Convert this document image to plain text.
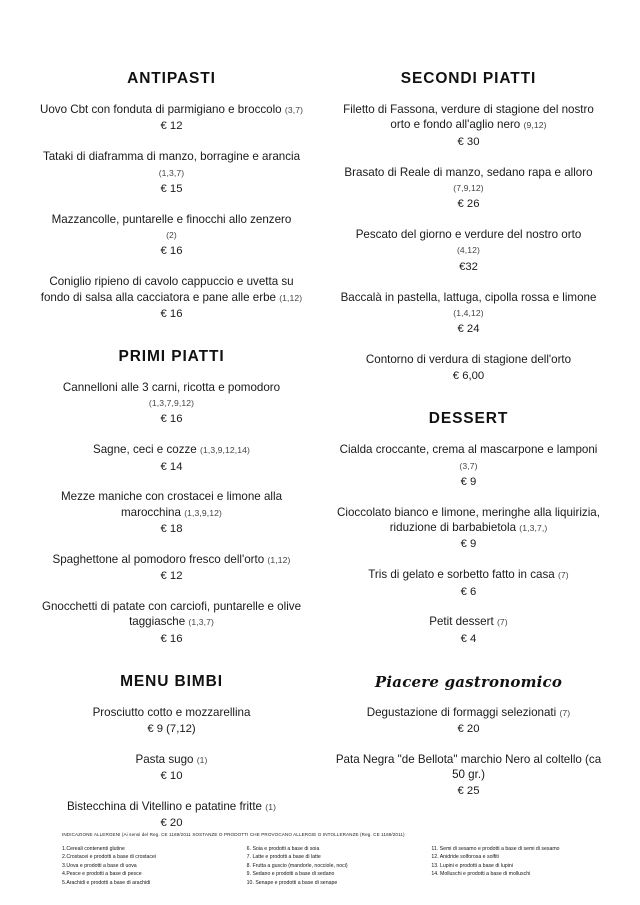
ANTIPASTI
Uovo Cbt con fonduta di parmigiano e broccolo (3,7)
€ 12
Tataki di diaframma di manzo, borragine e arancia (1,3,7)
€ 15
Mazzancolle, puntarelle e finocchi allo zenzero
(2)
€ 16
Coniglio ripieno di cavolo cappuccio e uvetta su fondo di salsa alla cacciatora e pane alle erbe (1,12)
€ 16
PRIMI PIATTI
Cannelloni alle 3 carni, ricotta e pomodoro
(1,3,7,9,12)
€ 16
Sagne, ceci e cozze (1,3,9,12,14)
€ 14
Mezze maniche con crostacei e limone alla marocchina (1,3,9,12)
€ 18
Spaghettone al pomodoro fresco dell'orto (1,12)
€ 12
Gnocchetti di patate con carciofi, puntarelle e olive taggiasche (1,3,7)
€ 16
MENU BIMBI
Prosciutto cotto e mozzarellina
€ 9 (7,12)
Pasta sugo (1)
€ 10
Bistecchina di Vitellino e patatine fritte (1)
€ 20
SECONDI PIATTI
Filetto di Fassona, verdure di stagione del nostro orto e fondo all'aglio nero (9,12)
€ 30
Brasato di Reale di manzo, sedano rapa e alloro (7,9,12)
€ 26
Pescato del giorno e verdure del nostro orto
(4,12)
€32
Baccalà in pastella, lattuga, cipolla rossa e limone (1,4,12)
€ 24
Contorno di verdura di stagione dell'orto
€ 6,00
DESSERT
Cialda croccante, crema al mascarpone e lamponi (3,7)
€ 9
Cioccolato bianco e limone, meringhe alla liquirizia, riduzione di barbabietola (1,3,7,)
€ 9
Tris di gelato e sorbetto fatto in casa (7)
€ 6
Petit dessert (7)
€ 4
Piacere gastronomico
Degustazione di formaggi selezionati (7)
€ 20
Pata Negra "de Bellota" marchio Nero al coltello (ca 50 gr.)
€ 25
INDICAZIONE ALLERGENI (Ai sensi del Reg. CE 1169/2011 SOSTANZE O PRODOTTI CHE PROVOCANO ALLERGIE O INTOLLERANZE (Reg. CE 1169/2011)
1.Cereali contenenti glutine
2.Crostacei e prodotti a base di crostacei
3.Uova e prodotti a base di uova
4.Pesce e prodotti a base di pesce
5.Arachidi e prodotti a base di arachidi
6. Soia e prodotti a base di soia
7. Latte e prodotti a base di latte
8. Frutta a guscio (mandorle, nocciole, noci)
9. Sedano e prodotti a base di sedano
10. Senape e prodotti a base di senape
11. Semi di sesamo e prodotti a base di semi di sesamo
12. Anidride solforosa e solfiti
13. Lupini e prodotti a base di lupini
14. Molluschi e prodotti a base di molluschi
